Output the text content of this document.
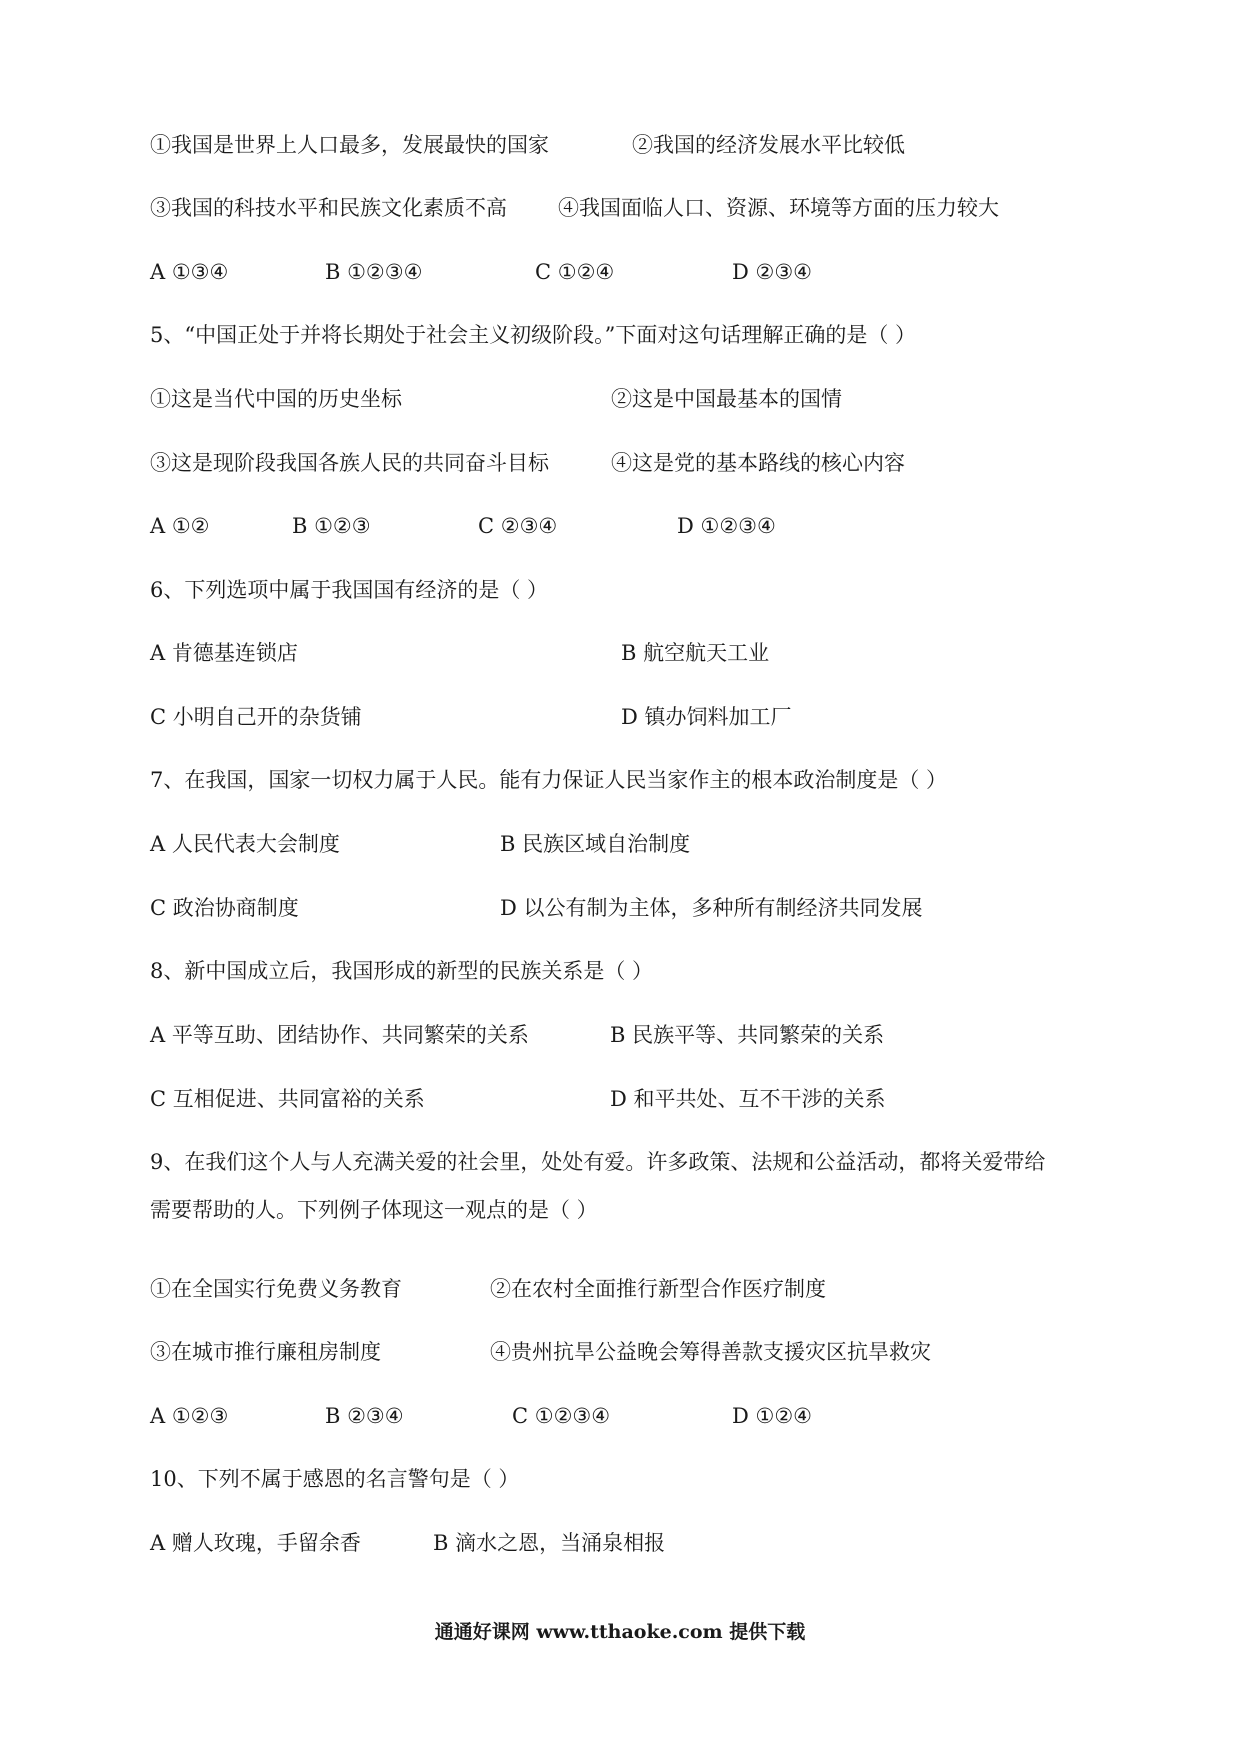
①我国是世界上人口最多，发展最快的国家	②我国的经济发展水平比较低
③我国的科技水平和民族文化素质不高 ④我国面临人口、资源、环境等方面的压力较大
A ①③④	B ①②③④	C ①②④	D ②③④
5、“中国正处于并将长期处于社会主义初级阶段。”下面对这句话理解正确的是（ ）
①这是当代中国的历史坐标	②这是中国最基本的国情
③这是现阶段我国各族人民的共同奋斗目标	④这是党的基本路线的核心内容
A ①②	B ①②③	C ②③④	D ①②③④
6、下列选项中属于我国国有经济的是（ ）
A 肯德基连锁店	B 航空航天工业
C 小明自己开的杂货铺	D 镇办饲料加工厂
7、在我国，国家一切权力属于人民。能有力保证人民当家作主的根本政治制度是（ ）
A 人民代表大会制度	B 民族区域自治制度
C 政治协商制度	D 以公有制为主体，多种所有制经济共同发展
8、新中国成立后，我国形成的新型的民族关系是（ ）
A 平等互助、团结协作、共同繁荣的关系	B 民族平等、共同繁荣的关系
C 互相促进、共同富裕的关系	D 和平共处、互不干涉的关系
9、在我们这个人与人充满关爱的社会里，处处有爱。许多政策、法规和公益活动，都将关爱带给
需要帮助的人。下列例子体现这一观点的是（ ）
①在全国实行免费义务教育	②在农村全面推行新型合作医疗制度
③在城市推行廉租房制度	④贵州抗旱公益晚会筹得善款支援灾区抗旱救灾
A ①②③	B ②③④	C ①②③④	D ①②④
10、下列不属于感恩的名言警句是（ ）
A 赠人玫瑰，手留余香	B 滴水之恩，当涌泉相报
通通好课网 www.tthaoke.com 提供下载
